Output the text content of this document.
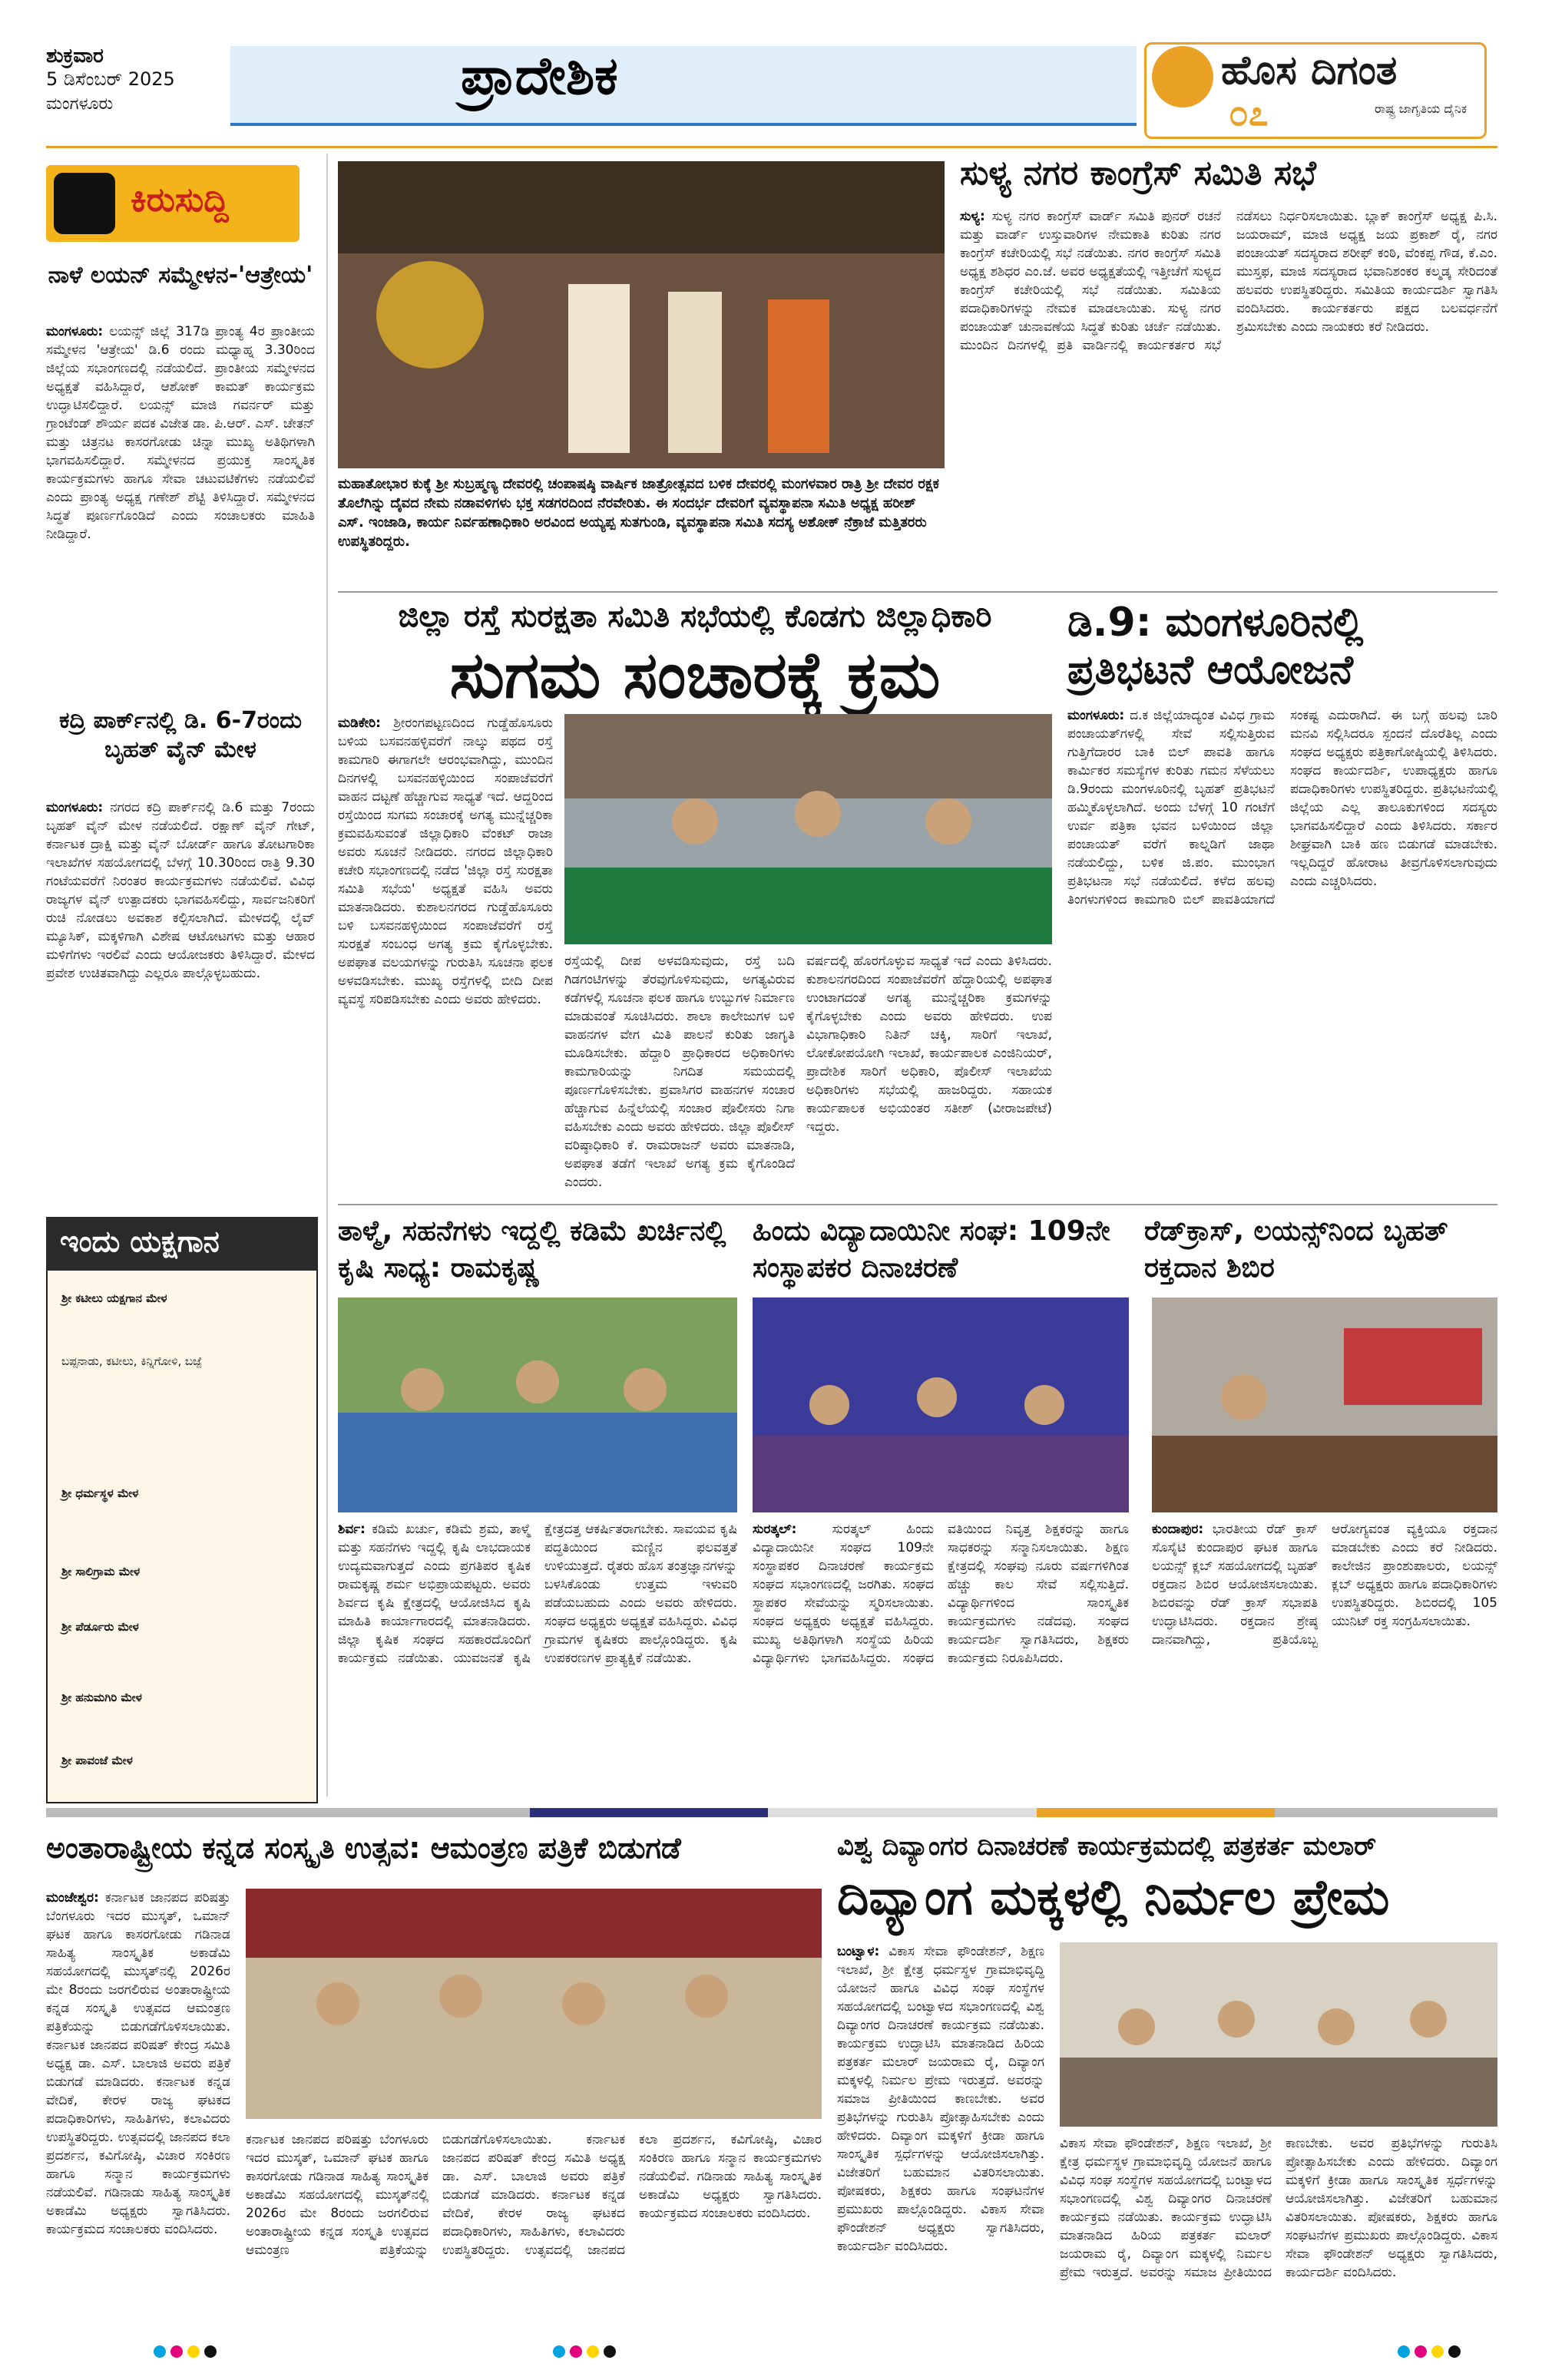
ಶುಕ್ರವಾರ
5 ಡಿಸೆಂಬರ್ 2025
ಮಂಗಳೂರು	ಪ್ರಾದೇಶಿಕ	ಹೊಸ ದಿಗಂತ
೦೭	ರಾಷ್ಟ್ರ ಜಾಗೃತಿಯ ದೈನಿಕ
ಕಿರುಸುದ್ದಿ
ನಾಳೆ ಲಯನ್ ಸಮ್ಮೇಳನ-'ಆತ್ರೇಯ'
ಮಂಗಳೂರು: ಲಯನ್ಸ್ ಜಿಲ್ಲೆ 317ಡಿ ಪ್ರಾಂತ್ಯ 4ರ ಪ್ರಾಂತೀಯ ಸಮ್ಮೇಳನ 'ಆತ್ರೇಯ' ಡಿ.6 ರಂದು ಮಧ್ಯಾಹ್ನ 3.30ರಿಂದ ಜಿಲ್ಲೆಯ ಸಭಾಂಗಣದಲ್ಲಿ ನಡೆಯಲಿದೆ. ಪ್ರಾಂತೀಯ ಸಮ್ಮೇಳನದ ಅಧ್ಯಕ್ಷತೆ ವಹಿಸಿದ್ದಾರೆ, ಆಶೋಕ್ ಕಾಮತ್ ಕಾರ್ಯಕ್ರಮ ಉದ್ಘಾಟಿಸಲಿದ್ದಾರೆ. ಲಯನ್ಸ್ ಮಾಜಿ ಗವರ್ನರ್ ಮತ್ತು ಗ್ರಾಂಟೆಂಡ್ ಶೌರ್ಯ ಪದಕ ವಿಜೇತ ಡಾ. ಪಿ.ಆರ್. ಎಸ್. ಚೇತನ್ ಮತ್ತು ಚಿತ್ರನಟ ಕಾಸರಗೋಡು ಚಿನ್ನಾ ಮುಖ್ಯ ಅತಿಥಿಗಳಾಗಿ ಭಾಗವಹಿಸಲಿದ್ದಾರೆ. ಸಮ್ಮೇಳನದ ಪ್ರಯುಕ್ತ ಸಾಂಸ್ಕೃತಿಕ ಕಾರ್ಯಕ್ರಮಗಳು ಹಾಗೂ ಸೇವಾ ಚಟುವಟಿಕೆಗಳು ನಡೆಯಲಿವೆ ಎಂದು ಪ್ರಾಂತ್ಯ ಅಧ್ಯಕ್ಷ ಗಣೇಶ್ ಶೆಟ್ಟಿ ತಿಳಿಸಿದ್ದಾರೆ. ಸಮ್ಮೇಳನದ ಸಿದ್ಧತೆ ಪೂರ್ಣಗೊಂಡಿದೆ ಎಂದು ಸಂಚಾಲಕರು ಮಾಹಿತಿ ನೀಡಿದ್ದಾರೆ.
ಕದ್ರಿ ಪಾರ್ಕ್‌ನಲ್ಲಿ ಡಿ. 6-7ರಂದು ಬೃಹತ್ ವೈನ್ ಮೇಳ
ಮಂಗಳೂರು: ನಗರದ ಕದ್ರಿ ಪಾರ್ಕ್‌ನಲ್ಲಿ ಡಿ.6 ಮತ್ತು 7ರಂದು ಬೃಹತ್ ವೈನ್ ಮೇಳ ನಡೆಯಲಿದೆ. ರಕ್ಷಾಣ್ ವೈನ್ ಗೇಟ್, ಕರ್ನಾಟಕ ದ್ರಾಕ್ಷಿ ಮತ್ತು ವೈನ್ ಬೋರ್ಡ್ ಹಾಗೂ ತೋಟಗಾರಿಕಾ ಇಲಾಖೆಗಳ ಸಹಯೋಗದಲ್ಲಿ ಬೆಳಗ್ಗೆ 10.30ರಿಂದ ರಾತ್ರಿ 9.30 ಗಂಟೆಯವರೆಗೆ ನಿರಂತರ ಕಾರ್ಯಕ್ರಮಗಳು ನಡೆಯಲಿವೆ. ವಿವಿಧ ರಾಜ್ಯಗಳ ವೈನ್ ಉತ್ಪಾದಕರು ಭಾಗವಹಿಸಲಿದ್ದು, ಸಾರ್ವಜನಿಕರಿಗೆ ರುಚಿ ನೋಡಲು ಅವಕಾಶ ಕಲ್ಪಿಸಲಾಗಿದೆ. ಮೇಳದಲ್ಲಿ ಲೈವ್ ಮ್ಯೂಸಿಕ್, ಮಕ್ಕಳಿಗಾಗಿ ವಿಶೇಷ ಆಟೋಟಗಳು ಮತ್ತು ಆಹಾರ ಮಳಿಗೆಗಳು ಇರಲಿವೆ ಎಂದು ಆಯೋಜಕರು ತಿಳಿಸಿದ್ದಾರೆ. ಮೇಳದ ಪ್ರವೇಶ ಉಚಿತವಾಗಿದ್ದು ಎಲ್ಲರೂ ಪಾಲ್ಗೊಳ್ಳಬಹುದು.
ಇಂದು ಯಕ್ಷಗಾನ
ಶ್ರೀ ಕಟೀಲು ಯಕ್ಷಗಾನ ಮೇಳ
ಬಪ್ಪನಾಡು, ಕಟೀಲು, ಕಿನ್ನಿಗೋಳಿ, ಬಜ್ಪೆ
ಶ್ರೀ ಧರ್ಮಸ್ಥಳ ಮೇಳ
ಶ್ರೀ ಸಾಲಿಗ್ರಾಮ ಮೇಳ
ಶ್ರೀ ಪೆರ್ಡೂರು ಮೇಳ
ಶ್ರೀ ಹನುಮಗಿರಿ ಮೇಳ
ಶ್ರೀ ಪಾವಂಜೆ ಮೇಳ
ಮಹಾತೋಭಾರ ಕುಕ್ಕೆ ಶ್ರೀ ಸುಬ್ರಹ್ಮಣ್ಯ ದೇವರಲ್ಲಿ ಚಂಪಾಷಷ್ಠಿ ವಾರ್ಷಿಕ ಜಾತ್ರೋತ್ಸವದ ಬಳಿಕ ದೇವರಲ್ಲಿ ಮಂಗಳವಾರ ರಾತ್ರಿ ಶ್ರೀ ದೇವರ ರಕ್ಷಕ ತೊಲೆಗಿನ್ನು ದೈವದ ನೇಮ ನಡಾವಳಿಗಳು ಭಕ್ತ ಸಡಗರದಿಂದ ನೆರವೇರಿತು. ಈ ಸಂದರ್ಭ ದೇವರಿಗೆ ವ್ಯವಸ್ಥಾಪನಾ ಸಮಿತಿ ಅಧ್ಯಕ್ಷ ಹರೀಶ್ ಎಸ್. ಇಂಜಾಡಿ, ಕಾರ್ಯ ನಿರ್ವಹಣಾಧಿಕಾರಿ ಅರವಿಂದ ಅಯ್ಯಪ್ಪ ಸುತಗುಂಡಿ, ವ್ಯವಸ್ಥಾಪನಾ ಸಮಿತಿ ಸದಸ್ಯ ಅಶೋಕ್ ನೆಕ್ರಾಜೆ ಮತ್ತಿತರರು ಉಪಸ್ಥಿತರಿದ್ದರು.
ಸುಳ್ಯ ನಗರ ಕಾಂಗ್ರೆಸ್ ಸಮಿತಿ ಸಭೆ
ಸುಳ್ಯ: ಸುಳ್ಯ ನಗರ ಕಾಂಗ್ರೆಸ್ ವಾರ್ಡ್ ಸಮಿತಿ ಪುನರ್ ರಚನೆ ಮತ್ತು ವಾರ್ಡ್ ಉಸ್ತುವಾರಿಗಳ ನೇಮಕಾತಿ ಕುರಿತು ನಗರ ಕಾಂಗ್ರೆಸ್ ಕಚೇರಿಯಲ್ಲಿ ಸಭೆ ನಡೆಯಿತು. ನಗರ ಕಾಂಗ್ರೆಸ್ ಸಮಿತಿ ಅಧ್ಯಕ್ಷ ಶಶಿಧರ ಎಂ.ಜೆ. ಅವರ ಅಧ್ಯಕ್ಷತೆಯಲ್ಲಿ ಇತ್ತೀಚೆಗೆ ಸುಳ್ಯದ ಕಾಂಗ್ರೆಸ್ ಕಚೇರಿಯಲ್ಲಿ ಸಭೆ ನಡೆಯಿತು. ಸಮಿತಿಯ ಪದಾಧಿಕಾರಿಗಳನ್ನು ನೇಮಕ ಮಾಡಲಾಯಿತು. ಸುಳ್ಯ ನಗರ ಪಂಚಾಯತ್ ಚುನಾವಣೆಯ ಸಿದ್ಧತೆ ಕುರಿತು ಚರ್ಚೆ ನಡೆಯಿತು. ಮುಂದಿನ ದಿನಗಳಲ್ಲಿ ಪ್ರತಿ ವಾರ್ಡಿನಲ್ಲಿ ಕಾರ್ಯಕರ್ತರ ಸಭೆ ನಡೆಸಲು ನಿರ್ಧರಿಸಲಾಯಿತು. ಬ್ಲಾಕ್ ಕಾಂಗ್ರೆಸ್ ಅಧ್ಯಕ್ಷ ಪಿ.ಸಿ. ಜಯರಾಮ್, ಮಾಜಿ ಅಧ್ಯಕ್ಷ ಜಯ ಪ್ರಕಾಶ್ ರೈ, ನಗರ ಪಂಚಾಯತ್ ಸದಸ್ಯರಾದ ಶರೀಫ್ ಕಂಠಿ, ವೆಂಕಪ್ಪ ಗೌಡ, ಕೆ.ಎಂ. ಮುಸ್ತಫ, ಮಾಜಿ ಸದಸ್ಯರಾದ ಭವಾನಿಶಂಕರ ಕಲ್ಮಡ್ಕ ಸೇರಿದಂತೆ ಹಲವರು ಉಪಸ್ಥಿತರಿದ್ದರು. ಸಮಿತಿಯ ಕಾರ್ಯದರ್ಶಿ ಸ್ವಾಗತಿಸಿ ವಂದಿಸಿದರು. ಕಾರ್ಯಕರ್ತರು ಪಕ್ಷದ ಬಲವರ್ಧನೆಗೆ ಶ್ರಮಿಸಬೇಕು ಎಂದು ನಾಯಕರು ಕರೆ ನೀಡಿದರು.
ಜಿಲ್ಲಾ ರಸ್ತೆ ಸುರಕ್ಷತಾ ಸಮಿತಿ ಸಭೆಯಲ್ಲಿ ಕೊಡಗು ಜಿಲ್ಲಾಧಿಕಾರಿ
ಸುಗಮ ಸಂಚಾರಕ್ಕೆ ಕ್ರಮ
ಮಡಿಕೇರಿ: ಶ್ರೀರಂಗಪಟ್ಟಣದಿಂದ ಗುಡ್ಡೆಹೊಸೂರು ಬಳಿಯ ಬಸವನಹಳ್ಳಿವರೆಗೆ ನಾಲ್ಕು ಪಥದ ರಸ್ತೆ ಕಾಮಗಾರಿ ಈಗಾಗಲೇ ಆರಂಭವಾಗಿದ್ದು, ಮುಂದಿನ ದಿನಗಳಲ್ಲಿ ಬಸವನಹಳ್ಳಿಯಿಂದ ಸಂಪಾಜೆವರೆಗೆ ವಾಹನ ದಟ್ಟಣೆ ಹೆಚ್ಚಾಗುವ ಸಾಧ್ಯತೆ ಇದೆ. ಆದ್ದರಿಂದ ರಸ್ತೆಯಿಂದ ಸುಗಮ ಸಂಚಾರಕ್ಕೆ ಅಗತ್ಯ ಮುನ್ನೆಚ್ಚರಿಕಾ ಕ್ರಮವಹಿಸುವಂತೆ ಜಿಲ್ಲಾಧಿಕಾರಿ ವೆಂಕಟ್ ರಾಜಾ ಅವರು ಸೂಚನೆ ನೀಡಿದರು. ನಗರದ ಜಿಲ್ಲಾಧಿಕಾರಿ ಕಚೇರಿ ಸಭಾಂಗಣದಲ್ಲಿ ನಡೆದ 'ಜಿಲ್ಲಾ ರಸ್ತೆ ಸುರಕ್ಷತಾ ಸಮಿತಿ ಸಭೆಯ' ಅಧ್ಯಕ್ಷತೆ ವಹಿಸಿ ಅವರು ಮಾತನಾಡಿದರು. ಕುಶಾಲನಗರದ ಗುಡ್ಡೆಹೊಸೂರು ಬಳಿ ಬಸವನಹಳ್ಳಿಯಿಂದ ಸಂಪಾಜೆವರೆಗೆ ರಸ್ತೆ ಸುರಕ್ಷತೆ ಸಂಬಂಧ ಅಗತ್ಯ ಕ್ರಮ ಕೈಗೊಳ್ಳಬೇಕು. ಅಪಘಾತ ವಲಯಗಳನ್ನು ಗುರುತಿಸಿ ಸೂಚನಾ ಫಲಕ ಅಳವಡಿಸಬೇಕು. ಮುಖ್ಯ ರಸ್ತೆಗಳಲ್ಲಿ ಬೀದಿ ದೀಪ ವ್ಯವಸ್ಥೆ ಸರಿಪಡಿಸಬೇಕು ಎಂದು ಅವರು ಹೇಳಿದರು.
ರಸ್ತೆಯಲ್ಲಿ ದೀಪ ಅಳವಡಿಸುವುದು, ರಸ್ತೆ ಬದಿ ಗಿಡಗಂಟಿಗಳನ್ನು ತೆರವುಗೊಳಿಸುವುದು, ಅಗತ್ಯವಿರುವ ಕಡೆಗಳಲ್ಲಿ ಸೂಚನಾ ಫಲಕ ಹಾಗೂ ಉಬ್ಬುಗಳ ನಿರ್ಮಾಣ ಮಾಡುವಂತೆ ಸೂಚಿಸಿದರು. ಶಾಲಾ ಕಾಲೇಜುಗಳ ಬಳಿ ವಾಹನಗಳ ವೇಗ ಮಿತಿ ಪಾಲನೆ ಕುರಿತು ಜಾಗೃತಿ ಮೂಡಿಸಬೇಕು. ಹೆದ್ದಾರಿ ಪ್ರಾಧಿಕಾರದ ಅಧಿಕಾರಿಗಳು ಕಾಮಗಾರಿಯನ್ನು ನಿಗದಿತ ಸಮಯದಲ್ಲಿ ಪೂರ್ಣಗೊಳಿಸಬೇಕು. ಪ್ರವಾಸಿಗರ ವಾಹನಗಳ ಸಂಚಾರ ಹೆಚ್ಚಾಗುವ ಹಿನ್ನೆಲೆಯಲ್ಲಿ ಸಂಚಾರ ಪೊಲೀಸರು ನಿಗಾ ವಹಿಸಬೇಕು ಎಂದು ಅವರು ಹೇಳಿದರು. ಜಿಲ್ಲಾ ಪೊಲೀಸ್ ವರಿಷ್ಠಾಧಿಕಾರಿ ಕೆ. ರಾಮರಾಜನ್ ಅವರು ಮಾತನಾಡಿ, ಅಪಘಾತ ತಡೆಗೆ ಇಲಾಖೆ ಅಗತ್ಯ ಕ್ರಮ ಕೈಗೊಂಡಿದೆ ಎಂದರು.
ವರ್ಷದಲ್ಲಿ ಹೊರಗೊಳ್ಳುವ ಸಾಧ್ಯತೆ ಇದೆ ಎಂದು ತಿಳಿಸಿದರು. ಕುಶಾಲನಗರದಿಂದ ಸಂಪಾಜೆವರೆಗೆ ಹೆದ್ದಾರಿಯಲ್ಲಿ ಅಪಘಾತ ಉಂಟಾಗದಂತೆ ಅಗತ್ಯ ಮುನ್ನೆಚ್ಚರಿಕಾ ಕ್ರಮಗಳನ್ನು ಕೈಗೊಳ್ಳಬೇಕು ಎಂದು ಅವರು ಹೇಳಿದರು. ಉಪ ವಿಭಾಗಾಧಿಕಾರಿ ನಿತಿನ್ ಚಕ್ಕಿ, ಸಾರಿಗೆ ಇಲಾಖೆ, ಲೋಕೋಪಯೋಗಿ ಇಲಾಖೆ, ಕಾರ್ಯಪಾಲಕ ಎಂಜಿನಿಯರ್, ಪ್ರಾದೇಶಿಕ ಸಾರಿಗೆ ಅಧಿಕಾರಿ, ಪೊಲೀಸ್ ಇಲಾಖೆಯ ಅಧಿಕಾರಿಗಳು ಸಭೆಯಲ್ಲಿ ಹಾಜರಿದ್ದರು. ಸಹಾಯಕ ಕಾರ್ಯಪಾಲಕ ಅಭಿಯಂತರ ಸತೀಶ್ (ವೀರಾಜಪೇಟೆ) ಇದ್ದರು.
ಡಿ.9: ಮಂಗಳೂರಿನಲ್ಲಿ ಪ್ರತಿಭಟನೆ ಆಯೋಜನೆ
ಮಂಗಳೂರು: ದ.ಕ ಜಿಲ್ಲೆಯಾದ್ಯಂತ ವಿವಿಧ ಗ್ರಾಮ ಪಂಚಾಯತ್‌ಗಳಲ್ಲಿ ಸೇವೆ ಸಲ್ಲಿಸುತ್ತಿರುವ ಗುತ್ತಿಗೆದಾರರ ಬಾಕಿ ಬಿಲ್ ಪಾವತಿ ಹಾಗೂ ಕಾರ್ಮಿಕರ ಸಮಸ್ಯೆಗಳ ಕುರಿತು ಗಮನ ಸೆಳೆಯಲು ಡಿ.9ರಂದು ಮಂಗಳೂರಿನಲ್ಲಿ ಬೃಹತ್ ಪ್ರತಿಭಟನೆ ಹಮ್ಮಿಕೊಳ್ಳಲಾಗಿದೆ. ಅಂದು ಬೆಳಗ್ಗೆ 10 ಗಂಟೆಗೆ ಉರ್ವ ಪತ್ರಿಕಾ ಭವನ ಬಳಿಯಿಂದ ಜಿಲ್ಲಾ ಪಂಚಾಯತ್ ವರೆಗೆ ಕಾಲ್ನಡಿಗೆ ಜಾಥಾ ನಡೆಯಲಿದ್ದು, ಬಳಿಕ ಜಿ.ಪಂ. ಮುಂಭಾಗ ಪ್ರತಿಭಟನಾ ಸಭೆ ನಡೆಯಲಿದೆ. ಕಳೆದ ಹಲವು ತಿಂಗಳುಗಳಿಂದ ಕಾಮಗಾರಿ ಬಿಲ್ ಪಾವತಿಯಾಗದೆ ಸಂಕಷ್ಟ ಎದುರಾಗಿದೆ. ಈ ಬಗ್ಗೆ ಹಲವು ಬಾರಿ ಮನವಿ ಸಲ್ಲಿಸಿದರೂ ಸ್ಪಂದನೆ ದೊರೆತಿಲ್ಲ ಎಂದು ಸಂಘದ ಅಧ್ಯಕ್ಷರು ಪತ್ರಿಕಾಗೋಷ್ಠಿಯಲ್ಲಿ ತಿಳಿಸಿದರು. ಸಂಘದ ಕಾರ್ಯದರ್ಶಿ, ಉಪಾಧ್ಯಕ್ಷರು ಹಾಗೂ ಪದಾಧಿಕಾರಿಗಳು ಉಪಸ್ಥಿತರಿದ್ದರು. ಪ್ರತಿಭಟನೆಯಲ್ಲಿ ಜಿಲ್ಲೆಯ ಎಲ್ಲ ತಾಲೂಕುಗಳಿಂದ ಸದಸ್ಯರು ಭಾಗವಹಿಸಲಿದ್ದಾರೆ ಎಂದು ತಿಳಿಸಿದರು. ಸರ್ಕಾರ ಶೀಘ್ರವಾಗಿ ಬಾಕಿ ಹಣ ಬಿಡುಗಡೆ ಮಾಡಬೇಕು. ಇಲ್ಲದಿದ್ದರೆ ಹೋರಾಟ ತೀವ್ರಗೊಳಿಸಲಾಗುವುದು ಎಂದು ಎಚ್ಚರಿಸಿದರು.
ತಾಳ್ಮೆ, ಸಹನೆಗಳು ಇದ್ದಲ್ಲಿ ಕಡಿಮೆ ಖರ್ಚಿನಲ್ಲಿ ಕೃಷಿ ಸಾಧ್ಯ: ರಾಮಕೃಷ್ಣ
ಶಿರ್ವ: ಕಡಿಮೆ ಖರ್ಚು, ಕಡಿಮೆ ಶ್ರಮ, ತಾಳ್ಮೆ ಮತ್ತು ಸಹನೆಗಳು ಇದ್ದಲ್ಲಿ ಕೃಷಿ ಲಾಭದಾಯಕ ಉದ್ಯಮವಾಗುತ್ತದೆ ಎಂದು ಪ್ರಗತಿಪರ ಕೃಷಿಕ ರಾಮಕೃಷ್ಣ ಶರ್ಮ ಅಭಿಪ್ರಾಯಪಟ್ಟರು. ಅವರು ಶಿರ್ವದ ಕೃಷಿ ಕ್ಷೇತ್ರದಲ್ಲಿ ಆಯೋಜಿಸಿದ ಕೃಷಿ ಮಾಹಿತಿ ಕಾರ್ಯಾಗಾರದಲ್ಲಿ ಮಾತನಾಡಿದರು. ಜಿಲ್ಲಾ ಕೃಷಿಕ ಸಂಘದ ಸಹಕಾರದೊಂದಿಗೆ ಕಾರ್ಯಕ್ರಮ ನಡೆಯಿತು. ಯುವಜನತೆ ಕೃಷಿ ಕ್ಷೇತ್ರದತ್ತ ಆಕರ್ಷಿತರಾಗಬೇಕು. ಸಾವಯವ ಕೃಷಿ ಪದ್ಧತಿಯಿಂದ ಮಣ್ಣಿನ ಫಲವತ್ತತೆ ಉಳಿಯುತ್ತದೆ. ರೈತರು ಹೊಸ ತಂತ್ರಜ್ಞಾನಗಳನ್ನು ಬಳಸಿಕೊಂಡು ಉತ್ತಮ ಇಳುವರಿ ಪಡೆಯಬಹುದು ಎಂದು ಅವರು ಹೇಳಿದರು. ಸಂಘದ ಅಧ್ಯಕ್ಷರು ಅಧ್ಯಕ್ಷತೆ ವಹಿಸಿದ್ದರು. ವಿವಿಧ ಗ್ರಾಮಗಳ ಕೃಷಿಕರು ಪಾಲ್ಗೊಂಡಿದ್ದರು. ಕೃಷಿ ಉಪಕರಣಗಳ ಪ್ರಾತ್ಯಕ್ಷಿಕೆ ನಡೆಯಿತು.
ಹಿಂದು ವಿದ್ಯಾದಾಯಿನೀ ಸಂಘ: 109ನೇ ಸಂಸ್ಥಾಪಕರ ದಿನಾಚರಣೆ
ಸುರತ್ಕಲ್:	ಸುರತ್ಕಲ್ ಹಿಂದು ವಿದ್ಯಾದಾಯಿನೀ ಸಂಘದ 109ನೇ ಸಂಸ್ಥಾಪಕರ ದಿನಾಚರಣೆ ಕಾರ್ಯಕ್ರಮ ಸಂಘದ ಸಭಾಂಗಣದಲ್ಲಿ ಜರಗಿತು. ಸಂಘದ ಸ್ಥಾಪಕರ ಸೇವೆಯನ್ನು ಸ್ಮರಿಸಲಾಯಿತು. ಸಂಘದ ಅಧ್ಯಕ್ಷರು ಅಧ್ಯಕ್ಷತೆ ವಹಿಸಿದ್ದರು. ಮುಖ್ಯ ಅತಿಥಿಗಳಾಗಿ ಸಂಸ್ಥೆಯ ಹಿರಿಯ ವಿದ್ಯಾರ್ಥಿಗಳು ಭಾಗವಹಿಸಿದ್ದರು. ಸಂಘದ ವತಿಯಿಂದ ನಿವೃತ್ತ ಶಿಕ್ಷಕರನ್ನು ಹಾಗೂ ಸಾಧಕರನ್ನು ಸನ್ಮಾನಿಸಲಾಯಿತು. ಶಿಕ್ಷಣ ಕ್ಷೇತ್ರದಲ್ಲಿ ಸಂಘವು ನೂರು ವರ್ಷಗಳಿಗಿಂತ ಹೆಚ್ಚು ಕಾಲ ಸೇವೆ ಸಲ್ಲಿಸುತ್ತಿದೆ. ವಿದ್ಯಾರ್ಥಿಗಳಿಂದ ಸಾಂಸ್ಕೃತಿಕ ಕಾರ್ಯಕ್ರಮಗಳು ನಡೆದವು. ಸಂಘದ ಕಾರ್ಯದರ್ಶಿ ಸ್ವಾಗತಿಸಿದರು, ಶಿಕ್ಷಕರು ಕಾರ್ಯಕ್ರಮ ನಿರೂಪಿಸಿದರು.
ರೆಡ್‌ಕ್ರಾಸ್, ಲಯನ್ಸ್‌ನಿಂದ ಬೃಹತ್ ರಕ್ತದಾನ ಶಿಬಿರ
ಕುಂದಾಪುರ: ಭಾರತೀಯ ರೆಡ್ ಕ್ರಾಸ್ ಸೊಸೈಟಿ ಕುಂದಾಪುರ ಘಟಕ ಹಾಗೂ ಲಯನ್ಸ್ ಕ್ಲಬ್ ಸಹಯೋಗದಲ್ಲಿ ಬೃಹತ್ ರಕ್ತದಾನ ಶಿಬಿರ ಆಯೋಜಿಸಲಾಯಿತು. ಶಿಬಿರವನ್ನು ರೆಡ್ ಕ್ರಾಸ್ ಸಭಾಪತಿ ಉದ್ಘಾಟಿಸಿದರು. ರಕ್ತದಾನ ಶ್ರೇಷ್ಠ ದಾನವಾಗಿದ್ದು, ಪ್ರತಿಯೊಬ್ಬ ಆರೋಗ್ಯವಂತ ವ್ಯಕ್ತಿಯೂ ರಕ್ತದಾನ ಮಾಡಬೇಕು ಎಂದು ಕರೆ ನೀಡಿದರು. ಕಾಲೇಜಿನ ಪ್ರಾಂಶುಪಾಲರು, ಲಯನ್ಸ್ ಕ್ಲಬ್ ಅಧ್ಯಕ್ಷರು ಹಾಗೂ ಪದಾಧಿಕಾರಿಗಳು ಉಪಸ್ಥಿತರಿದ್ದರು. ಶಿಬಿರದಲ್ಲಿ 105 ಯುನಿಟ್ ರಕ್ತ ಸಂಗ್ರಹಿಸಲಾಯಿತು.
ಅಂತಾರಾಷ್ಟ್ರೀಯ ಕನ್ನಡ ಸಂಸ್ಕೃತಿ ಉತ್ಸವ: ಆಮಂತ್ರಣ ಪತ್ರಿಕೆ ಬಿಡುಗಡೆ
ಮಂಜೇಶ್ವರ: ಕರ್ನಾಟಕ ಜಾನಪದ ಪರಿಷತ್ತು ಬೆಂಗಳೂರು ಇದರ ಮುಸ್ಕತ್, ಒಮಾನ್ ಘಟಕ ಹಾಗೂ ಕಾಸರಗೋಡು ಗಡಿನಾಡ ಸಾಹಿತ್ಯ ಸಾಂಸ್ಕೃತಿಕ ಅಕಾಡೆಮಿ ಸಹಯೋಗದಲ್ಲಿ ಮುಸ್ಕತ್‌ನಲ್ಲಿ 2026ರ ಮೇ 8ರಂದು ಜರಗಲಿರುವ ಅಂತಾರಾಷ್ಟ್ರೀಯ ಕನ್ನಡ ಸಂಸ್ಕೃತಿ ಉತ್ಸವದ ಆಮಂತ್ರಣ ಪತ್ರಿಕೆಯನ್ನು ಬಿಡುಗಡೆಗೊಳಿಸಲಾಯಿತು. ಕರ್ನಾಟಕ ಜಾನಪದ ಪರಿಷತ್ ಕೇಂದ್ರ ಸಮಿತಿ ಅಧ್ಯಕ್ಷ ಡಾ. ಎಸ್. ಬಾಲಾಜಿ ಅವರು ಪತ್ರಿಕೆ ಬಿಡುಗಡೆ ಮಾಡಿದರು. ಕರ್ನಾಟಕ ಕನ್ನಡ ವೇದಿಕೆ, ಕೇರಳ ರಾಜ್ಯ ಘಟಕದ ಪದಾಧಿಕಾರಿಗಳು, ಸಾಹಿತಿಗಳು, ಕಲಾವಿದರು ಉಪಸ್ಥಿತರಿದ್ದರು. ಉತ್ಸವದಲ್ಲಿ ಜಾನಪದ ಕಲಾ ಪ್ರದರ್ಶನ, ಕವಿಗೋಷ್ಠಿ, ವಿಚಾರ ಸಂಕಿರಣ ಹಾಗೂ ಸನ್ಮಾನ ಕಾರ್ಯಕ್ರಮಗಳು ನಡೆಯಲಿವೆ. ಗಡಿನಾಡು ಸಾಹಿತ್ಯ ಸಾಂಸ್ಕೃತಿಕ ಅಕಾಡೆಮಿ ಅಧ್ಯಕ್ಷರು ಸ್ವಾಗತಿಸಿದರು. ಕಾರ್ಯಕ್ರಮದ ಸಂಚಾಲಕರು ವಂದಿಸಿದರು.
ಕರ್ನಾಟಕ ಜಾನಪದ ಪರಿಷತ್ತು ಬೆಂಗಳೂರು ಇದರ ಮುಸ್ಕತ್, ಒಮಾನ್ ಘಟಕ ಹಾಗೂ ಕಾಸರಗೋಡು ಗಡಿನಾಡ ಸಾಹಿತ್ಯ ಸಾಂಸ್ಕೃತಿಕ ಅಕಾಡೆಮಿ ಸಹಯೋಗದಲ್ಲಿ ಮುಸ್ಕತ್‌ನಲ್ಲಿ 2026ರ ಮೇ 8ರಂದು ಜರಗಲಿರುವ ಅಂತಾರಾಷ್ಟ್ರೀಯ ಕನ್ನಡ ಸಂಸ್ಕೃತಿ ಉತ್ಸವದ ಆಮಂತ್ರಣ ಪತ್ರಿಕೆಯನ್ನು ಬಿಡುಗಡೆಗೊಳಿಸಲಾಯಿತು. ಕರ್ನಾಟಕ ಜಾನಪದ ಪರಿಷತ್ ಕೇಂದ್ರ ಸಮಿತಿ ಅಧ್ಯಕ್ಷ ಡಾ. ಎಸ್. ಬಾಲಾಜಿ ಅವರು ಪತ್ರಿಕೆ ಬಿಡುಗಡೆ ಮಾಡಿದರು. ಕರ್ನಾಟಕ ಕನ್ನಡ ವೇದಿಕೆ, ಕೇರಳ ರಾಜ್ಯ ಘಟಕದ ಪದಾಧಿಕಾರಿಗಳು, ಸಾಹಿತಿಗಳು, ಕಲಾವಿದರು ಉಪಸ್ಥಿತರಿದ್ದರು. ಉತ್ಸವದಲ್ಲಿ ಜಾನಪದ ಕಲಾ ಪ್ರದರ್ಶನ, ಕವಿಗೋಷ್ಠಿ, ವಿಚಾರ ಸಂಕಿರಣ ಹಾಗೂ ಸನ್ಮಾನ ಕಾರ್ಯಕ್ರಮಗಳು ನಡೆಯಲಿವೆ. ಗಡಿನಾಡು ಸಾಹಿತ್ಯ ಸಾಂಸ್ಕೃತಿಕ ಅಕಾಡೆಮಿ ಅಧ್ಯಕ್ಷರು ಸ್ವಾಗತಿಸಿದರು. ಕಾರ್ಯಕ್ರಮದ ಸಂಚಾಲಕರು ವಂದಿಸಿದರು.
ವಿಶ್ವ ದಿವ್ಯಾಂಗರ ದಿನಾಚರಣೆ ಕಾರ್ಯಕ್ರಮದಲ್ಲಿ ಪತ್ರಕರ್ತ ಮಲಾರ್
ದಿವ್ಯಾಂಗ ಮಕ್ಕಳಲ್ಲಿ ನಿರ್ಮಲ ಪ್ರೇಮ
ಬಂಟ್ವಾಳ: ವಿಕಾಸ ಸೇವಾ ಫೌಂಡೇಶನ್, ಶಿಕ್ಷಣ ಇಲಾಖೆ, ಶ್ರೀ ಕ್ಷೇತ್ರ ಧರ್ಮಸ್ಥಳ ಗ್ರಾಮಾಭಿವೃದ್ಧಿ ಯೋಜನೆ ಹಾಗೂ ವಿವಿಧ ಸಂಘ ಸಂಸ್ಥೆಗಳ ಸಹಯೋಗದಲ್ಲಿ ಬಂಟ್ವಾಳದ ಸಭಾಂಗಣದಲ್ಲಿ ವಿಶ್ವ ದಿವ್ಯಾಂಗರ ದಿನಾಚರಣೆ ಕಾರ್ಯಕ್ರಮ ನಡೆಯಿತು. ಕಾರ್ಯಕ್ರಮ ಉದ್ಘಾಟಿಸಿ ಮಾತನಾಡಿದ ಹಿರಿಯ ಪತ್ರಕರ್ತ ಮಲಾರ್ ಜಯರಾಮ ರೈ, ದಿವ್ಯಾಂಗ ಮಕ್ಕಳಲ್ಲಿ ನಿರ್ಮಲ ಪ್ರೇಮ ಇರುತ್ತದೆ. ಅವರನ್ನು ಸಮಾಜ ಪ್ರೀತಿಯಿಂದ ಕಾಣಬೇಕು. ಅವರ ಪ್ರತಿಭೆಗಳನ್ನು ಗುರುತಿಸಿ ಪ್ರೋತ್ಸಾಹಿಸಬೇಕು ಎಂದು ಹೇಳಿದರು. ದಿವ್ಯಾಂಗ ಮಕ್ಕಳಿಗೆ ಕ್ರೀಡಾ ಹಾಗೂ ಸಾಂಸ್ಕೃತಿಕ ಸ್ಪರ್ಧೆಗಳನ್ನು ಆಯೋಜಿಸಲಾಗಿತ್ತು. ವಿಜೇತರಿಗೆ ಬಹುಮಾನ ವಿತರಿಸಲಾಯಿತು. ಪೋಷಕರು, ಶಿಕ್ಷಕರು ಹಾಗೂ ಸಂಘಟನೆಗಳ ಪ್ರಮುಖರು ಪಾಲ್ಗೊಂಡಿದ್ದರು. ವಿಕಾಸ ಸೇವಾ ಫೌಂಡೇಶನ್ ಅಧ್ಯಕ್ಷರು ಸ್ವಾಗತಿಸಿದರು, ಕಾರ್ಯದರ್ಶಿ ವಂದಿಸಿದರು.
ವಿಕಾಸ ಸೇವಾ ಫೌಂಡೇಶನ್, ಶಿಕ್ಷಣ ಇಲಾಖೆ, ಶ್ರೀ ಕ್ಷೇತ್ರ ಧರ್ಮಸ್ಥಳ ಗ್ರಾಮಾಭಿವೃದ್ಧಿ ಯೋಜನೆ ಹಾಗೂ ವಿವಿಧ ಸಂಘ ಸಂಸ್ಥೆಗಳ ಸಹಯೋಗದಲ್ಲಿ ಬಂಟ್ವಾಳದ ಸಭಾಂಗಣದಲ್ಲಿ ವಿಶ್ವ ದಿವ್ಯಾಂಗರ ದಿನಾಚರಣೆ ಕಾರ್ಯಕ್ರಮ ನಡೆಯಿತು. ಕಾರ್ಯಕ್ರಮ ಉದ್ಘಾಟಿಸಿ ಮಾತನಾಡಿದ ಹಿರಿಯ ಪತ್ರಕರ್ತ ಮಲಾರ್ ಜಯರಾಮ ರೈ, ದಿವ್ಯಾಂಗ ಮಕ್ಕಳಲ್ಲಿ ನಿರ್ಮಲ ಪ್ರೇಮ ಇರುತ್ತದೆ. ಅವರನ್ನು ಸಮಾಜ ಪ್ರೀತಿಯಿಂದ ಕಾಣಬೇಕು. ಅವರ ಪ್ರತಿಭೆಗಳನ್ನು ಗುರುತಿಸಿ ಪ್ರೋತ್ಸಾಹಿಸಬೇಕು ಎಂದು ಹೇಳಿದರು. ದಿವ್ಯಾಂಗ ಮಕ್ಕಳಿಗೆ ಕ್ರೀಡಾ ಹಾಗೂ ಸಾಂಸ್ಕೃತಿಕ ಸ್ಪರ್ಧೆಗಳನ್ನು ಆಯೋಜಿಸಲಾಗಿತ್ತು. ವಿಜೇತರಿಗೆ ಬಹುಮಾನ ವಿತರಿಸಲಾಯಿತು. ಪೋಷಕರು, ಶಿಕ್ಷಕರು ಹಾಗೂ ಸಂಘಟನೆಗಳ ಪ್ರಮುಖರು ಪಾಲ್ಗೊಂಡಿದ್ದರು. ವಿಕಾಸ ಸೇವಾ ಫೌಂಡೇಶನ್ ಅಧ್ಯಕ್ಷರು ಸ್ವಾಗತಿಸಿದರು, ಕಾರ್ಯದರ್ಶಿ ವಂದಿಸಿದರು.
